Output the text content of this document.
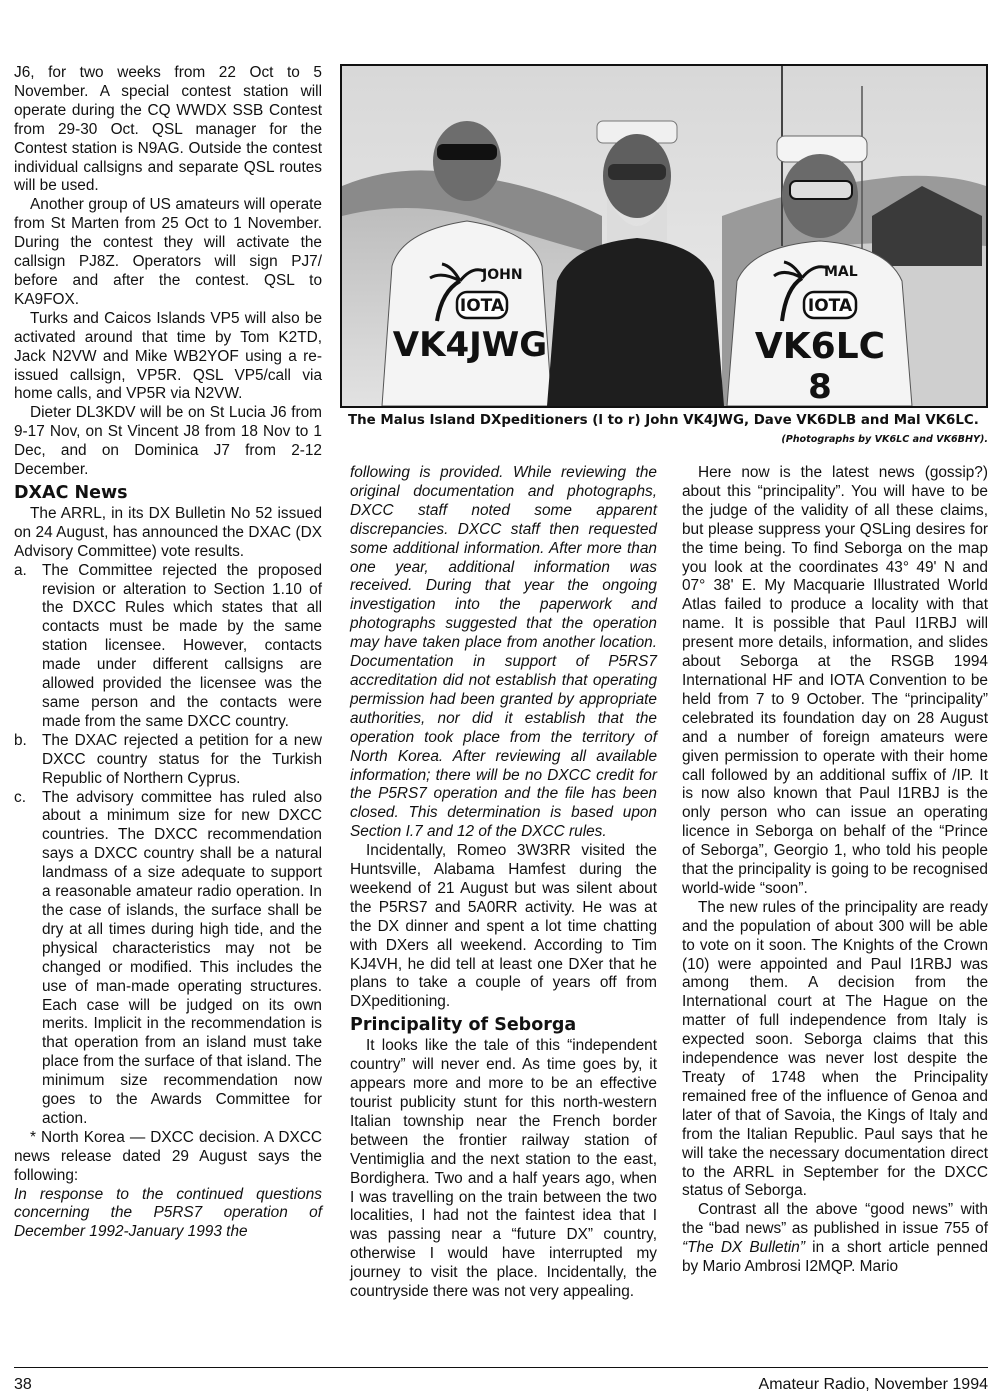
J6, for two weeks from 22 Oct to 5 November. A special contest station will operate during the CQ WWDX SSB Contest from 29-30 Oct. QSL manager for the Contest station is N9AG. Outside the contest individual callsigns and separate QSL routes will be used.

Another group of US amateurs will operate from St Marten from 25 Oct to 1 November. During the contest they will activate the callsign PJ8Z. Operators will sign PJ7/ before and after the contest. QSL to KA9FOX.

Turks and Caicos Islands VP5 will also be activated around that time by Tom K2TD, Jack N2VW and Mike WB2YOF using a re-issued callsign, VP5R. QSL VP5/call via home calls, and VP5R via N2VW.

Dieter DL3KDV will be on St Lucia J6 from 9-17 Nov, on St Vincent J8 from 18 Nov to 1 Dec, and on Dominica J7 from 2-12 December.

DXAC News

The ARRL, in its DX Bulletin No 52 issued on 24 August, has announced the DXAC (DX Advisory Committee) vote results.

a. The Committee rejected the proposed revision or alteration to Section 1.10 of the DXCC Rules which states that all contacts must be made by the same station licensee. However, contacts made under different callsigns are allowed provided the licensee was the same person and the contacts were made from the same DXCC country.
b. The DXAC rejected a petition for a new DXCC country status for the Turkish Republic of Northern Cyprus.
c. The advisory committee has ruled also about a minimum size for new DXCC countries. The DXCC recommendation says a DXCC country shall be a natural landmass of a size adequate to support a reasonable amateur radio operation. In the case of islands, the surface shall be dry at all times during high tide, and the physical characteristics may not be changed or modified. This includes the use of man-made operating structures. Each case will be judged on its own merits. Implicit in the recommendation is that operation from an island must take place from the surface of that island. The minimum size recommendation now goes to the Awards Committee for action.

* North Korea — DXCC decision. A DXCC news release dated 29 August says the following:

In response to the continued questions concerning the P5RS7 operation of December 1992-January 1993 the

JOHN
IOTA
VK4JWG
MAL
IOTA
VK6LC
8
The Malus Island DXpeditioners (l to r) John VK4JWG, Dave VK6DLB and Mal VK6LC.
(Photographs by VK6LC and VK6BHY).

following is provided. While reviewing the original documentation and photographs, DXCC staff noted some apparent discrepancies. DXCC staff then requested some additional information. After more than one year, additional information was received. During that year the ongoing investigation into the paperwork and photographs suggested that the operation may have taken place from another location. Documentation in support of P5RS7 accreditation did not establish that operating permission had been granted by appropriate authorities, nor did it establish that the operation took place from the territory of North Korea. After reviewing all available information; there will be no DXCC credit for the P5RS7 operation and the file has been closed. This determination is based upon Section I.7 and 12 of the DXCC rules.

Incidentally, Romeo 3W3RR visited the Huntsville, Alabama Hamfest during the weekend of 21 August but was silent about the P5RS7 and 5A0RR activity. He was at the DX dinner and spent a lot time chatting with DXers all weekend. According to Tim KJ4VH, he did tell at least one DXer that he plans to take a couple of years off from DXpeditioning.

Principality of Seborga

It looks like the tale of this “independent country” will never end. As time goes by, it appears more and more to be an effective tourist publicity stunt for this north-western Italian township near the French border between the frontier railway station of Ventimiglia and the next station to the east, Bordighera. Two and a half years ago, when I was travelling on the train between the two localities, I had not the faintest idea that I was passing near a “future DX” country, otherwise I would have interrupted my journey to visit the place. Incidentally, the countryside there was not very appealing.

Here now is the latest news (gossip?) about this “principality”. You will have to be the judge of the validity of all these claims, but please suppress your QSLing desires for the time being. To find Seborga on the map you look at the coordinates 43° 49' N and 07° 38' E. My Macquarie Illustrated World Atlas failed to produce a locality with that name. It is possible that Paul I1RBJ will present more details, information, and slides about Seborga at the RSGB 1994 International HF and IOTA Convention to be held from 7 to 9 October. The “principality” celebrated its foundation day on 28 August and a number of foreign amateurs were given permission to operate with their home call followed by an additional suffix of /IP. It is now also known that Paul I1RBJ is the only person who can issue an operating licence in Seborga on behalf of the “Prince of Seborga”, Georgio 1, who told his people that the principality is going to be recognised world-wide “soon”.

The new rules of the principality are ready and the population of about 300 will be able to vote on it soon. The Knights of the Crown (10) were appointed and Paul I1RBJ was among them. A decision from the International court at The Hague on the matter of full independence from Italy is expected soon. Seborga claims that this independence was never lost despite the Treaty of 1748 when the Principality remained free of the influence of Genoa and later of that of Savoia, the Kings of Italy and from the Italian Republic. Paul says that he will take the necessary documentation direct to the ARRL in September for the DXCC status of Seborga.

Contrast all the above “good news” with the “bad news” as published in issue 755 of “The DX Bulletin” in a short article penned by Mario Ambrosi I2MQP. Mario

38	Amateur Radio, November 1994
